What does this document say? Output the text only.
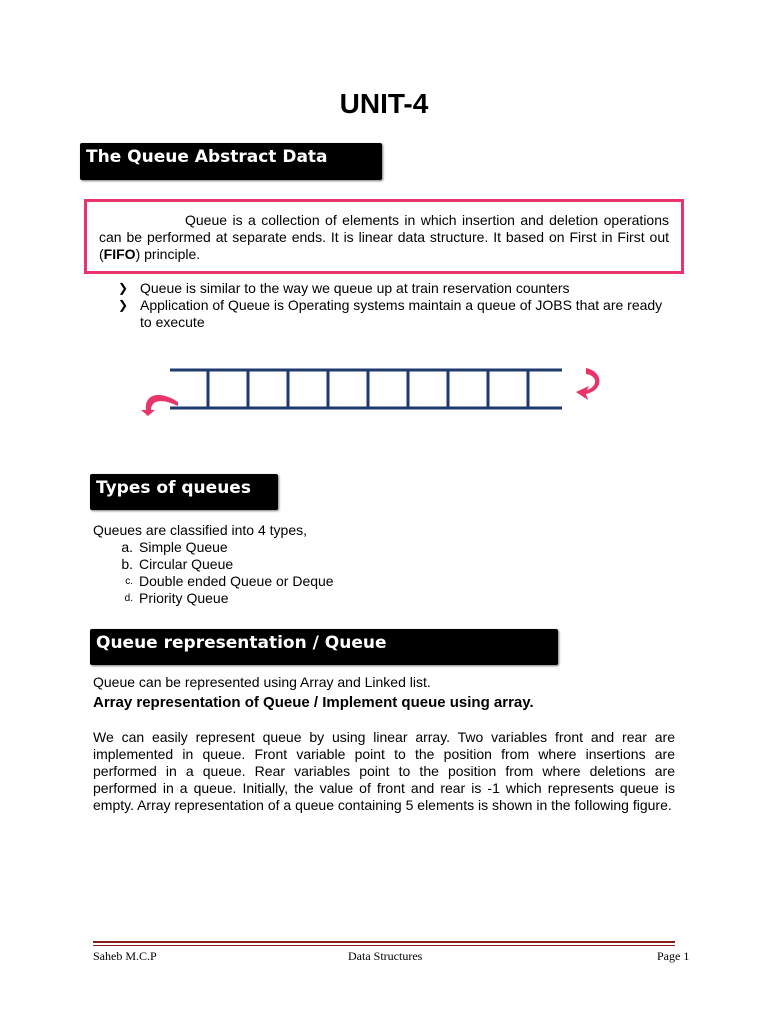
UNIT-4
The Queue Abstract Data
Queue is a collection of elements in which insertion and deletion operations can be performed at separate ends. It is linear data structure. It based on First in First out (FIFO) principle.
❯ Queue is similar to the way we queue up at train reservation counters
❯ Application of Queue is Operating systems maintain a queue of JOBS that are ready to execute
Types of queues
Queues are classified into 4 types,
a. Simple Queue
b. Circular Queue
c. Double ended Queue or Deque
d. Priority Queue
Queue representation / Queue
Queue can be represented using Array and Linked list.
Array representation of Queue / Implement queue using array.
We can easily represent queue by using linear array. Two variables front and rear are implemented in queue. Front variable point to the position from where insertions are performed in a queue. Rear variables point to the position from where deletions are performed in a queue. Initially, the value of front and rear is -1 which represents queue is empty. Array representation of a queue containing 5 elements is shown in the following figure.
Saheb M.C.P	Data Structures	Page 1
